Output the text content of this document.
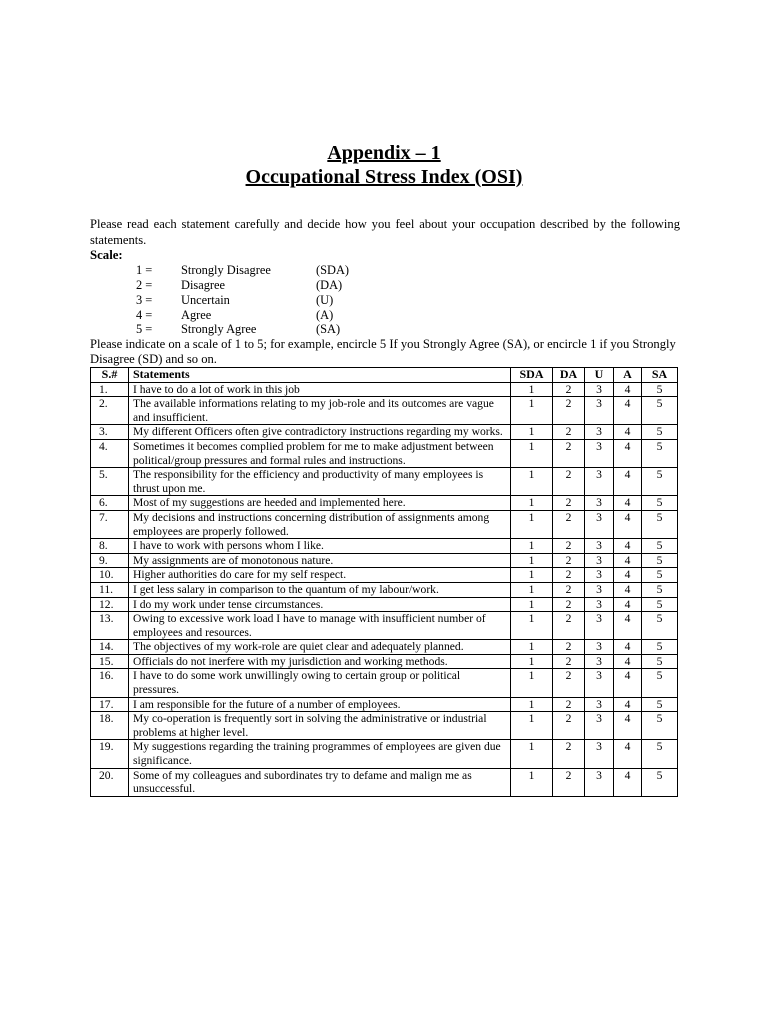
Appendix – 1
Occupational Stress Index (OSI)
Please read each statement carefully and decide how you feel about your occupation described by the following statements.
Scale:
1 = Strongly Disagree	(SDA)
2 = Disagree	(DA)
3 = Uncertain	(U)
4 = Agree	(A)
5 = Strongly Agree	(SA)
Please indicate on a scale of 1 to 5; for example, encircle 5 If you Strongly Agree (SA), or encircle 1 if you Strongly Disagree (SD) and so on.
S.#	Statements	SDA	DA	U	A	SA
1.	I have to do a lot of work in this job	1	2	3	4	5
2.	The available informations relating to my job-role and its outcomes are vague and insufficient.	1	2	3	4	5
3.	My different Officers often give contradictory instructions regarding my works.	1	2	3	4	5
4.	Sometimes it becomes complied problem for me to make adjustment between political/group pressures and formal rules and instructions.	1	2	3	4	5
5.	The responsibility for the efficiency and productivity of many employees is thrust upon me.	1	2	3	4	5
6.	Most of my suggestions are heeded and implemented here.	1	2	3	4	5
7.	My decisions and instructions concerning distribution of assignments among employees are properly followed.	1	2	3	4	5
8.	I have to work with persons whom I like.	1	2	3	4	5
9.	My assignments are of monotonous nature.	1	2	3	4	5
10.	Higher authorities do care for my self respect.	1	2	3	4	5
11.	I get less salary in comparison to the quantum of my labour/work.	1	2	3	4	5
12.	I do my work under tense circumstances.	1	2	3	4	5
13.	Owing to excessive work load I have to manage with insufficient number of employees and resources.	1	2	3	4	5
14.	The objectives of my work-role are quiet clear and adequately planned.	1	2	3	4	5
15.	Officials do not inerfere with my jurisdiction and working methods.	1	2	3	4	5
16.	I have to do some work unwillingly owing to certain group or political pressures.	1	2	3	4	5
17.	I am responsible for the future of a number of employees.	1	2	3	4	5
18.	My co-operation is frequently sort in solving the administrative or industrial problems at higher level.	1	2	3	4	5
19.	My suggestions regarding the training programmes of employees are given due significance.	1	2	3	4	5
20.	Some of my colleagues and subordinates try to defame and malign me as unsuccessful.	1	2	3	4	5
